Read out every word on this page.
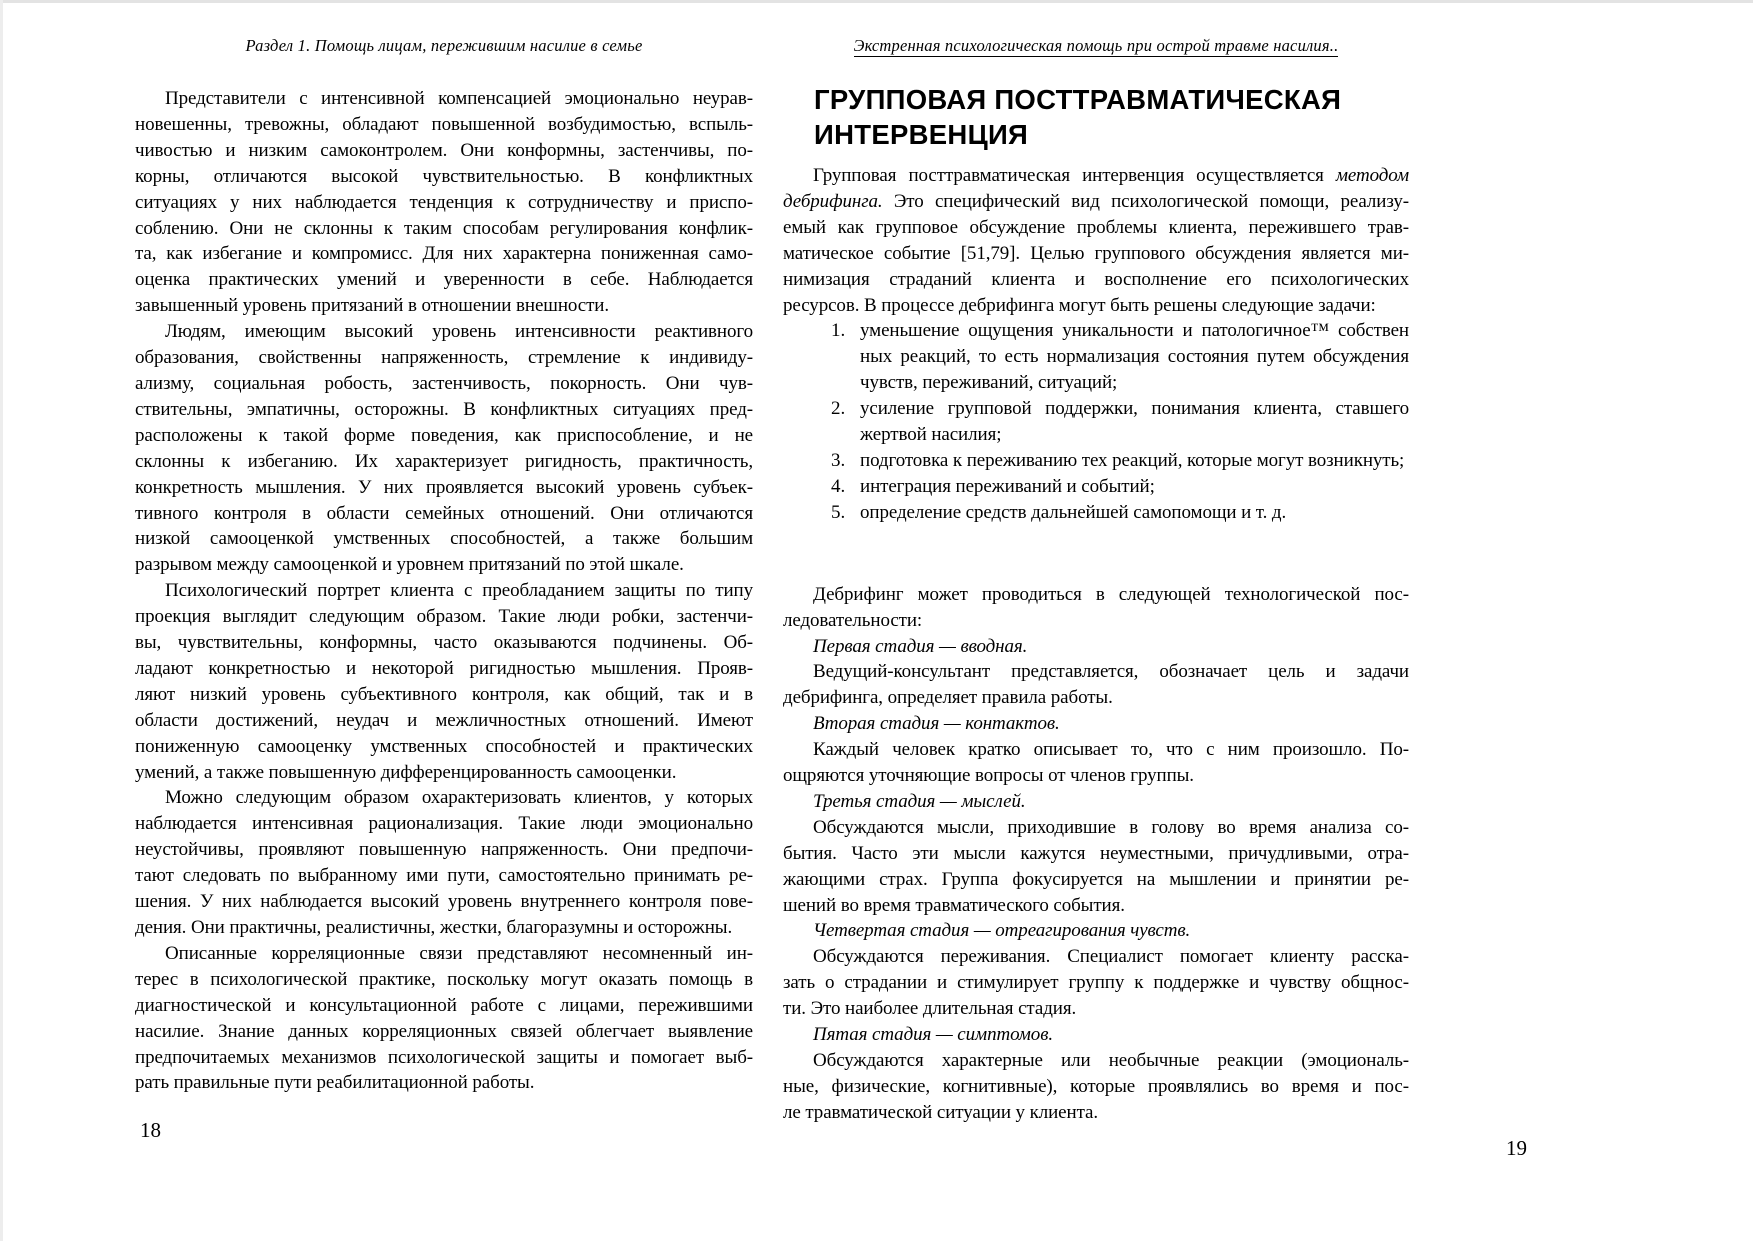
Раздел 1. Помощь лицам, пережившим насилие в семье
Представители с интенсивной компенсацией эмоционально неурав-
новешенны, тревожны, обладают повышенной возбудимостью, вспыль-
чивостью и низким самоконтролем. Они конформны, застенчивы, по-
корны, отличаются высокой чувствительностью. В конфликтных
ситуациях у них наблюдается тенденция к сотрудничеству и приспо-
соблению. Они не склонны к таким способам регулирования конфлик-
та, как избегание и компромисс. Для них характерна пониженная само-
оценка практических умений и уверенности в себе. Наблюдается
завышенный уровень притязаний в отношении внешности.
Людям, имеющим высокий уровень интенсивности реактивного
образования, свойственны напряженность, стремление к индивиду-
ализму, социальная робость, застенчивость, покорность. Они чув-
ствительны, эмпатичны, осторожны. В конфликтных ситуациях пред-
расположены к такой форме поведения, как приспособление, и не
склонны к избеганию. Их характеризует ригидность, практичность,
конкретность мышления. У них проявляется высокий уровень субъек-
тивного контроля в области семейных отношений. Они отличаются
низкой самооценкой умственных способностей, а также большим
разрывом между самооценкой и уровнем притязаний по этой шкале.
Психологический портрет клиента с преобладанием защиты по типу
проекция выглядит следующим образом. Такие люди робки, застенчи-
вы, чувствительны, конформны, часто оказываются подчинены. Об-
ладают конкретностью и некоторой ригидностью мышления. Прояв-
ляют низкий уровень субъективного контроля, как общий, так и в
области достижений, неудач и межличностных отношений. Имеют
пониженную самооценку умственных способностей и практических
умений, а также повышенную дифференцированность самооценки.
Можно следующим образом охарактеризовать клиентов, у которых
наблюдается интенсивная рационализация. Такие люди эмоционально
неустойчивы, проявляют повышенную напряженность. Они предпочи-
тают следовать по выбранному ими пути, самостоятельно принимать ре-
шения. У них наблюдается высокий уровень внутреннего контроля пове-
дения. Они практичны, реалистичны, жестки, благоразумны и осторожны.
Описанные корреляционные связи представляют несомненный ин-
терес в психологической практике, поскольку могут оказать помощь в
диагностической и консультационной работе с лицами, пережившими
насилие. Знание данных корреляционных связей облегчает выявление
предпочитаемых механизмов психологической защиты и помогает выб-
рать правильные пути реабилитационной работы.
18
Экстренная психологическая помощь при острой травме насилия..
ГРУППОВАЯ ПОСТТРАВМАТИЧЕСКАЯ
ИНТЕРВЕНЦИЯ
Групповая посттравматическая интервенция осуществляется методом
дебрифинга. Это специфический вид психологической помощи, реализу-
емый как групповое обсуждение проблемы клиента, пережившего трав-
матическое событие [51,79]. Целью группового обсуждения является ми-
нимизация страданий клиента и восполнение его психологических
ресурсов. В процессе дебрифинга могут быть решены следующие задачи:
1. уменьшение ощущения уникальности и патологичное™ собствен
ных реакций, то есть нормализация состояния путем обсуждения
чувств, переживаний, ситуаций;
2. усиление групповой поддержки, понимания клиента, ставшего
жертвой насилия;
3. подготовка к переживанию тех реакций, которые могут возникнуть;
4. интеграция переживаний и событий;
5. определение средств дальнейшей самопомощи и т. д.
Дебрифинг может проводиться в следующей технологической пос-
ледовательности:
Первая стадия — вводная.
Ведущий-консультант представляется, обозначает цель и задачи
дебрифинга, определяет правила работы.
Вторая стадия — контактов.
Каждый человек кратко описывает то, что с ним произошло. По-
ощряются уточняющие вопросы от членов группы.
Третья стадия — мыслей.
Обсуждаются мысли, приходившие в голову во время анализа со-
бытия. Часто эти мысли кажутся неуместными, причудливыми, отра-
жающими страх. Группа фокусируется на мышлении и принятии ре-
шений во время травматического события.
Четвертая стадия — отреагирования чувств.
Обсуждаются переживания. Специалист помогает клиенту расска-
зать о страдании и стимулирует группу к поддержке и чувству общнос-
ти. Это наиболее длительная стадия.
Пятая стадия — симптомов.
Обсуждаются характерные или необычные реакции (эмоциональ-
ные, физические, когнитивные), которые проявлялись во время и пос-
ле травматической ситуации у клиента.
19
